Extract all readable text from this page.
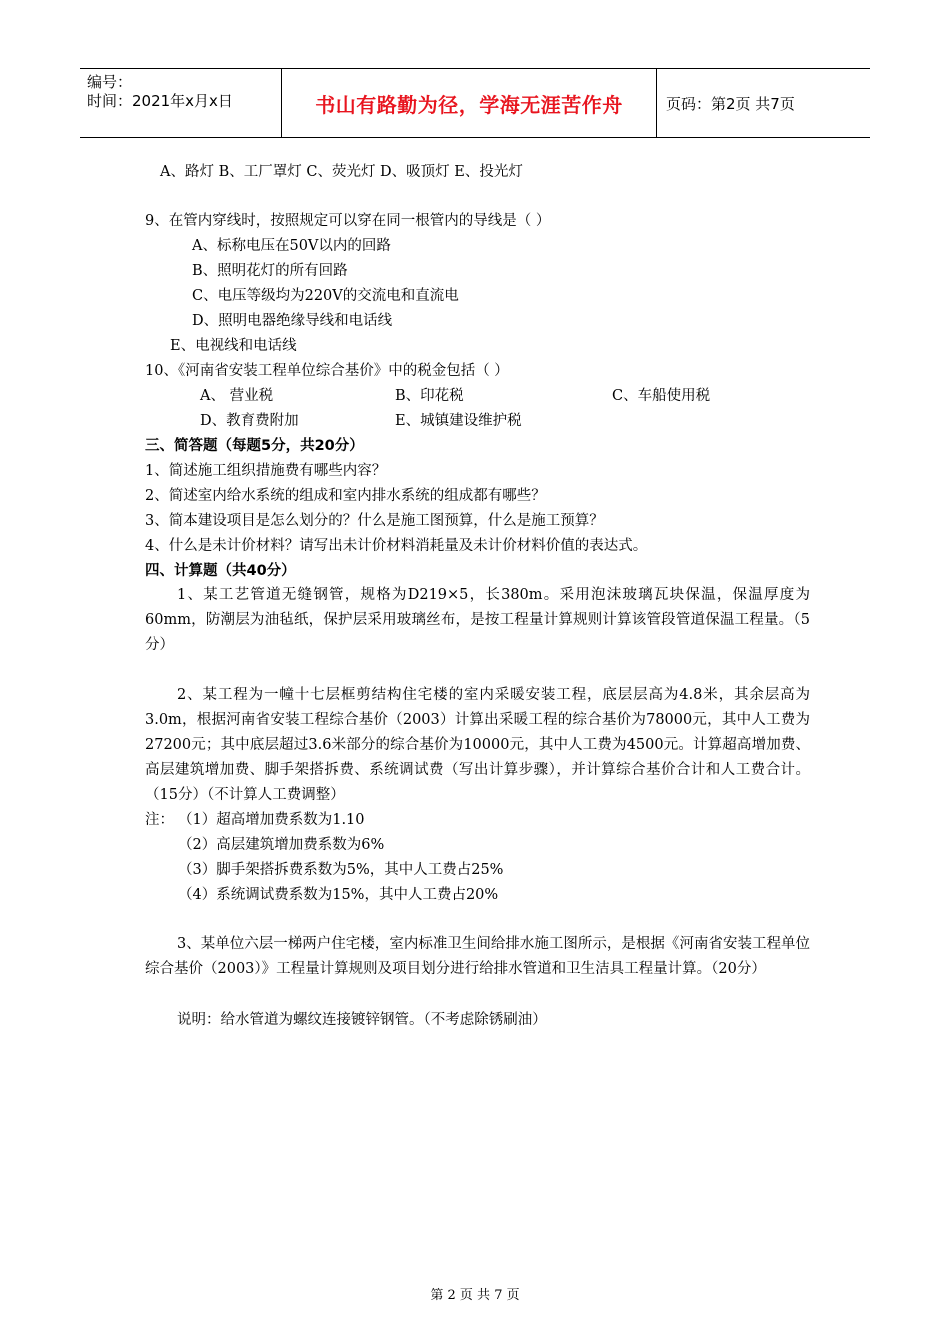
编号：
时间：2021年x月x日	书山有路勤为径，学海无涯苦作舟	页码：第2页 共7页
A、路灯 B、工厂罩灯 C、荧光灯 D、吸顶灯 E、投光灯
9、在管内穿线时，按照规定可以穿在同一根管内的导线是（ ）
A、标称电压在50V以内的回路
B、照明花灯的所有回路
C、电压等级均为220V的交流电和直流电
D、照明电器绝缘导线和电话线
E、电视线和电话线
10、《河南省安装工程单位综合基价》中的税金包括（ ）
A、 营业税	B、印花税	C、车船使用税
D、教育费附加	E、城镇建设维护税
三、简答题（每题5分，共20分）
1、简述施工组织措施费有哪些内容？
2、简述室内给水系统的组成和室内排水系统的组成都有哪些？
3、简本建设项目是怎么划分的？什么是施工图预算，什么是施工预算？
4、什么是未计价材料？请写出未计价材料消耗量及未计价材料价值的表达式。
四、计算题（共40分）
1、某工艺管道无缝钢管，规格为D219×5，长380m。采用泡沫玻璃瓦块保温，保温厚度为60mm，防潮层为油毡纸，保护层采用玻璃丝布，是按工程量计算规则计算该管段管道保温工程量。（5分）
2、某工程为一幢十七层框剪结构住宅楼的室内采暖安装工程，底层层高为4.8米，其余层高为3.0m，根据河南省安装工程综合基价（2003）计算出采暖工程的综合基价为78000元，其中人工费为27200元；其中底层超过3.6米部分的综合基价为10000元，其中人工费为4500元。计算超高增加费、高层建筑增加费、脚手架搭拆费、系统调试费（写出计算步骤），并计算综合基价合计和人工费合计。（15分）（不计算人工费调整）
注： （1）超高增加费系数为1.10
（2）高层建筑增加费系数为6%
（3）脚手架搭拆费系数为5%，其中人工费占25%
（4）系统调试费系数为15%，其中人工费占20%
3、某单位六层一梯两户住宅楼，室内标准卫生间给排水施工图所示，是根据《河南省安装工程单位综合基价（2003）》工程量计算规则及项目划分进行给排水管道和卫生洁具工程量计算。（20分）
说明：给水管道为螺纹连接镀锌钢管。（不考虑除锈刷油）
第 2 页 共 7 页
